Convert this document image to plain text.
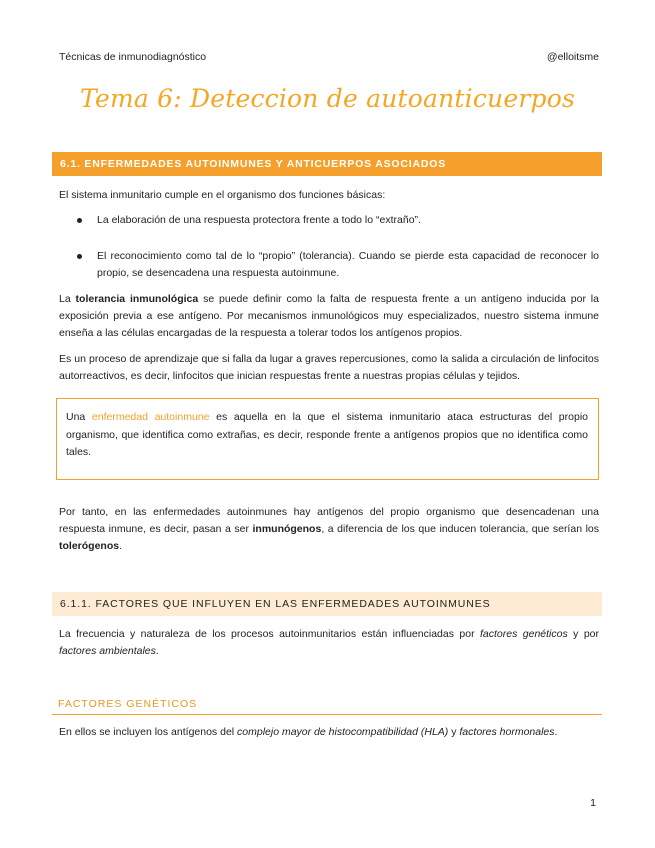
Técnicas de inmunodiagnóstico	@elloitsme
Tema 6: Deteccion de autoanticuerpos
6.1. ENFERMEDADES AUTOINMUNES Y ANTICUERPOS ASOCIADOS
El sistema inmunitario cumple en el organismo dos funciones básicas:
La elaboración de una respuesta protectora frente a todo lo “extraño”.
El reconocimiento como tal de lo “propio” (tolerancia). Cuando se pierde esta capacidad de reconocer lo propio, se desencadena una respuesta autoinmune.
La tolerancia inmunológica se puede definir como la falta de respuesta frente a un antígeno inducida por la exposición previa a ese antígeno. Por mecanismos inmunológicos muy especializados, nuestro sistema inmune enseña a las células encargadas de la respuesta a tolerar todos los antígenos propios.
Es un proceso de aprendizaje que si falla da lugar a graves repercusiones, como la salida a circulación de linfocitos autorreactivos, es decir, linfocitos que inician respuestas frente a nuestras propias células y tejidos.
Una enfermedad autoinmune es aquella en la que el sistema inmunitario ataca estructuras del propio organismo, que identifica como extrañas, es decir, responde frente a antígenos propios que no identifica como tales.
Por tanto, en las enfermedades autoinmunes hay antígenos del propio organismo que desencadenan una respuesta inmune, es decir, pasan a ser inmunógenos, a diferencia de los que inducen tolerancia, que serían los tolerógenos.
6.1.1. FACTORES QUE INFLUYEN EN LAS ENFERMEDADES AUTOINMUNES
La frecuencia y naturaleza de los procesos autoinmunitarios están influenciadas por factores genéticos y por factores ambientales.
FACTORES GENÉTICOS
En ellos se incluyen los antígenos del complejo mayor de histocompatibilidad (HLA) y factores hormonales.
1
